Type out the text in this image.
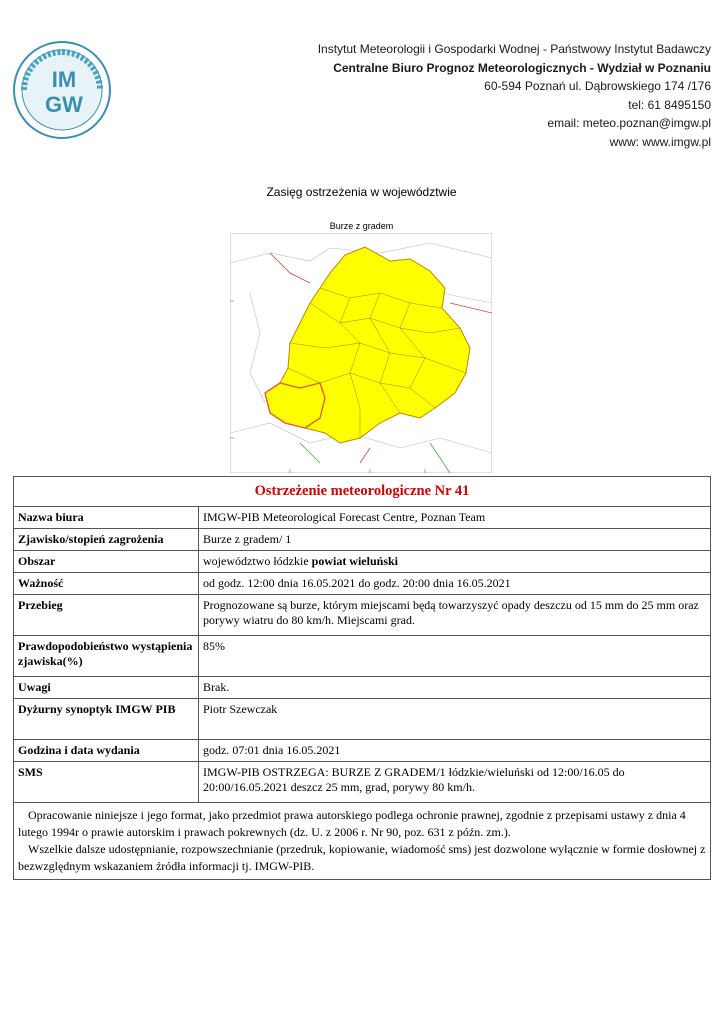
IM
GW
Instytut Meteorologii i Gospodarki Wodnej - Państwowy Instytut Badawczy
Centralne Biuro Prognoz Meteorologicznych - Wydział w Poznaniu
60-594 Poznań ul. Dąbrowskiego 174 /176
tel: 61 8495150
email: meteo.poznan@imgw.pl
www: www.imgw.pl
Zasięg ostrzeżenia w województwie
Burze z gradem
Ostrzeżenie meteorologiczne Nr 41	
Nazwa biura	IMGW-PIB Meteorological Forecast Centre, Poznan Team
Zjawisko/stopień zagrożenia	Burze z gradem/ 1
Obszar	województwo łódzkie powiat wieluński
Ważność	od godz. 12:00 dnia 16.05.2021 do godz. 20:00 dnia 16.05.2021
Przebieg	Prognozowane są burze, którym miejscami będą towarzyszyć opady deszczu od 15 mm do 25 mm oraz porywy wiatru do 80 km/h. Miejscami grad.
Prawdopodobieństwo wystąpienia zjawiska(%)	85%
Uwagi	Brak.
Dyżurny synoptyk IMGW PIB	Piotr Szewczak
Godzina i data wydania	godz. 07:01 dnia 16.05.2021
SMS	IMGW-PIB OSTRZEGA: BURZE Z GRADEM/1 łódzkie/wieluński od 12:00/16.05 do 20:00/16.05.2021 deszcz 25 mm, grad, porywy 80 km/h.

Opracowanie niniejsze i jego format, jako przedmiot prawa autorskiego podlega ochronie prawnej, zgodnie z przepisami ustawy z dnia 4 lutego 1994r o prawie autorskim i prawach pokrewnych (dz. U. z 2006 r. Nr 90, poz. 631 z późn. zm.).

Wszelkie dalsze udostępnianie, rozpowszechnianie (przedruk, kopiowanie, wiadomość sms) jest dozwolone wyłącznie w formie dosłownej z bezwzględnym wskazaniem źródła informacji tj. IMGW-PIB.	
